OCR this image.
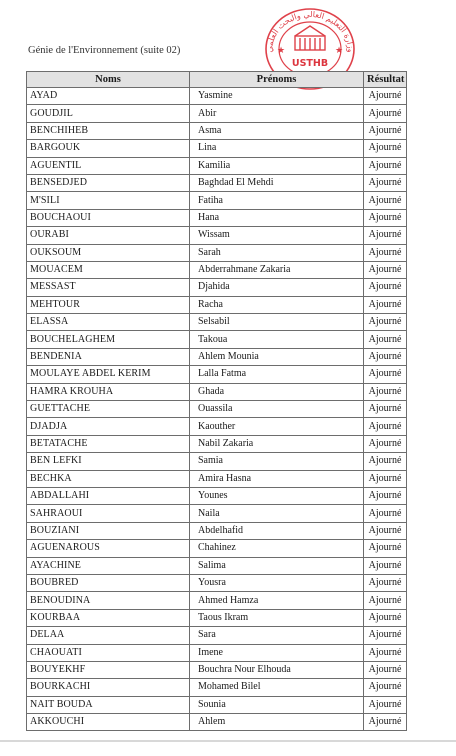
Génie de l'Environnement (suite 02)	وزارة التعليم العالي والبحث العلمي
USTHB
★	★
Noms	Prénoms	Résultat
AYAD	Yasmine	Ajourné
GOUDJIL	Abir	Ajourné
BENCHIHEB	Asma	Ajourné
BARGOUK	Lina	Ajourné
AGUENTIL	Kamilia	Ajourné
BENSEDJED	Baghdad El Mehdi	Ajourné
M'SILI	Fatiha	Ajourné
BOUCHAOUI	Hana	Ajourné
OURABI	Wissam	Ajourné
OUKSOUM	Sarah	Ajourné
MOUACEM	Abderrahmane Zakaria	Ajourné
MESSAST	Djahida	Ajourné
MEHTOUR	Racha	Ajourné
ELASSA	Selsabil	Ajourné
BOUCHELAGHEM	Takoua	Ajourné
BENDENIA	Ahlem Mounia	Ajourné
MOULAYE ABDEL KERIM	Lalla Fatma	Ajourné
HAMRA KROUHA	Ghada	Ajourné
GUETTACHE	Ouassila	Ajourné
DJADJA	Kaouther	Ajourné
BETATACHE	Nabil Zakaria	Ajourné
BEN LEFKI	Samia	Ajourné
BECHKA	Amira Hasna	Ajourné
ABDALLAHI	Younes	Ajourné
SAHRAOUI	Naila	Ajourné
BOUZIANI	Abdelhafid	Ajourné
AGUENAROUS	Chahinez	Ajourné
AYACHINE	Salima	Ajourné
BOUBRED	Yousra	Ajourné
BENOUDINA	Ahmed Hamza	Ajourné
KOURBAA	Taous Ikram	Ajourné
DELAA	Sara	Ajourné
CHAOUATI	Imene	Ajourné
BOUYEKHF	Bouchra Nour Elhouda	Ajourné
BOURKACHI	Mohamed Bilel	Ajourné
NAIT BOUDA	Sounia	Ajourné
AKKOUCHI	Ahlem	Ajourné
